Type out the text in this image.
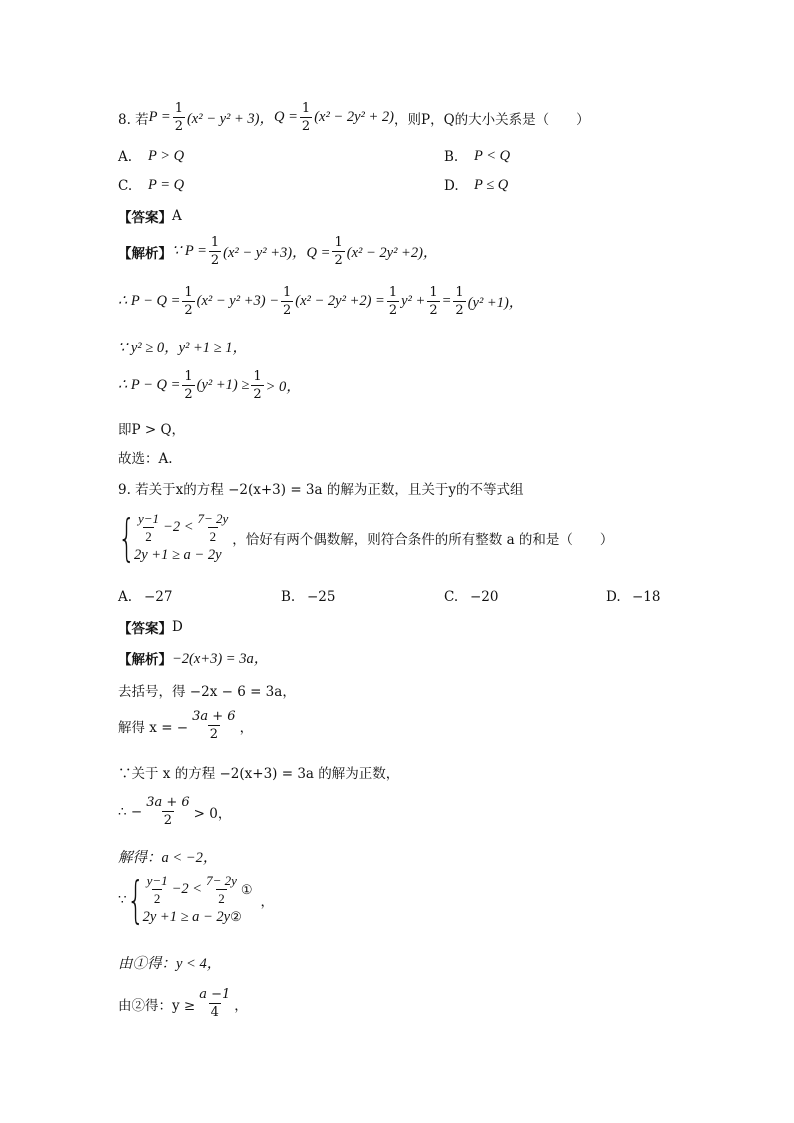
8. 若 $P = \frac{1}{2} (x^2 - y^2 + 3)$， $Q = \frac{1}{2} (x^2 - 2y^2 + 2)$ ，则P，Q的大小关系是（　　）
A.	P > Q	B.	P < Q
C.	P = Q	D.	P ≤ Q
【答案】 A
【解析】 ∵ $P = \frac{1}{2} (x^2 - y^2 +3)$，$Q = \frac{1}{2} (x^2 - 2y^2 +2)$，
∴ $P - Q = \frac{1}{2} (x^2 - y^2 +3) - \frac{1}{2} (x^2 - 2y^2 +2) = \frac{1}{2} y^2 + \frac{1}{2} = \frac{1}{2} (y^2 +1)$，
∵ y² ≥ 0，y² +1 ≥ 1，
∴ $P - Q = \frac{1}{2} (y^2 +1) \ge \frac{1}{2} > 0$，
即P > Q，
故选：A.
9. 若关于x的方程 −2(x+3) = 3a 的解为正数，且关于y的不等式组
{ $\frac{y-1}{2} -2 < \frac{7- 2y}{2}$
2y +1 ≥ a − 2y
，恰好有两个偶数解，则符合条件的所有整数 a 的和是（　　）
A. −27	B. −25	C. −20	D. −18
【答案】 D
【解析】 −2(x+3) = 3a，
去括号，得 −2x − 6 = 3a，
解得 x = − $\frac{3a + 6}{2}$ ，
∵关于 x 的方程 −2(x+3) = 3a 的解为正数，
∴ − $\frac{3a + 6}{2} > 0$，
解得：a < −2，
∵ { $\frac{y-1}{2} -2 < \frac{7- 2y}{2}$ ①
2y +1 ≥ a − 2y②
，
由①得：y < 4，
由②得：$y \ge \frac{a -1}{4}$ ，
